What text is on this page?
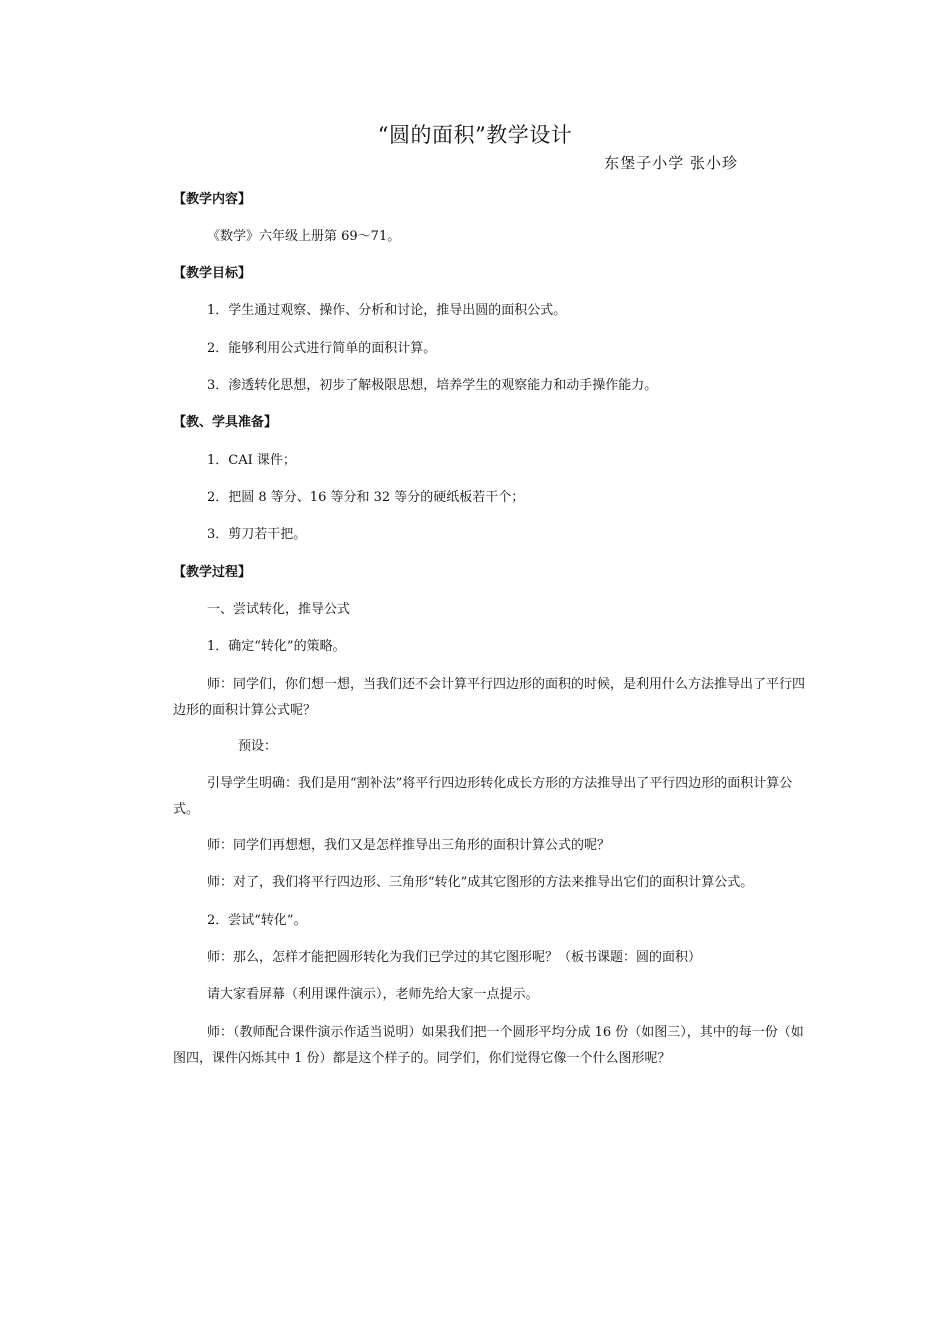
“圆的面积”教学设计
东堡子小学 张小珍
【教学内容】
《数学》六年级上册第 69～71。
【教学目标】
1．学生通过观察、操作、分析和讨论，推导出圆的面积公式。
2．能够利用公式进行简单的面积计算。
3．渗透转化思想，初步了解极限思想，培养学生的观察能力和动手操作能力。
【教、学具准备】
1．CAI 课件；
2．把圆 8 等分、16 等分和 32 等分的硬纸板若干个；
3．剪刀若干把。
【教学过程】
一、尝试转化，推导公式
1．确定“转化”的策略。
师：同学们，你们想一想，当我们还不会计算平行四边形的面积的时候，是利用什么方法推导出了平行四边形的面积计算公式呢？
预设：
引导学生明确：我们是用“割补法”将平行四边形转化成长方形的方法推导出了平行四边形的面积计算公式。
师：同学们再想想，我们又是怎样推导出三角形的面积计算公式的呢？
师：对了，我们将平行四边形、三角形“转化”成其它图形的方法来推导出它们的面积计算公式。
2．尝试“转化”。
师：那么，怎样才能把圆形转化为我们已学过的其它图形呢？（板书课题：圆的面积）
请大家看屏幕（利用课件演示），老师先给大家一点提示。
师：（教师配合课件演示作适当说明）如果我们把一个圆形平均分成 16 份（如图三），其中的每一份（如图四，课件闪烁其中 1 份）都是这个样子的。同学们，你们觉得它像一个什么图形呢？
